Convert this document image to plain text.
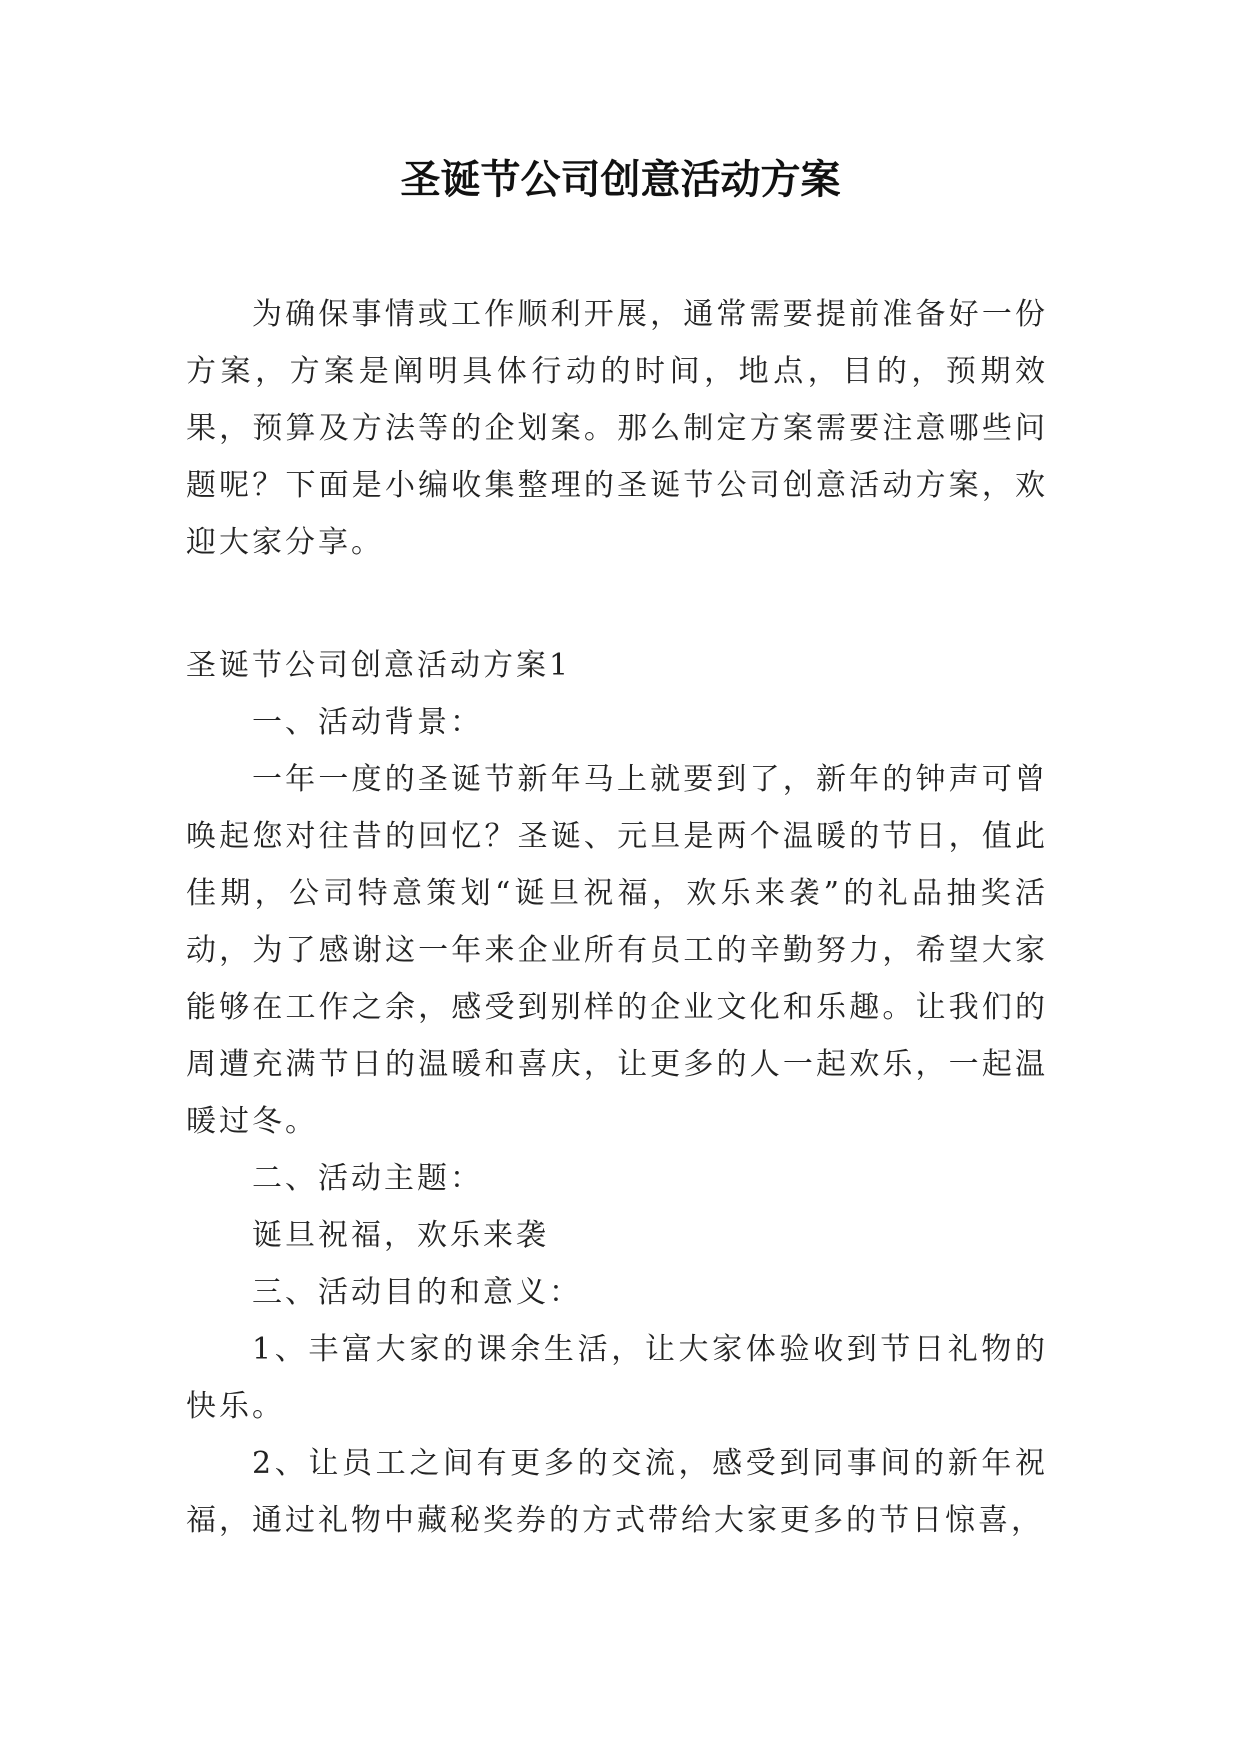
圣诞节公司创意活动方案

为确保事情或工作顺利开展，通常需要提前准备好一份方案，方案是阐明具体行动的时间，地点，目的，预期效果，预算及方法等的企划案。那么制定方案需要注意哪些问题呢？下面是小编收集整理的圣诞节公司创意活动方案，欢迎大家分享。

圣诞节公司创意活动方案1

一、活动背景：

一年一度的圣诞节新年马上就要到了，新年的钟声可曾唤起您对往昔的回忆？圣诞、元旦是两个温暖的节日，值此佳期，公司特意策划“诞旦祝福，欢乐来袭”的礼品抽奖活动，为了感谢这一年来企业所有员工的辛勤努力，希望大家能够在工作之余，感受到别样的企业文化和乐趣。让我们的周遭充满节日的温暖和喜庆，让更多的人一起欢乐，一起温暖过冬。

二、活动主题：

诞旦祝福，欢乐来袭

三、活动目的和意义：

1、丰富大家的课余生活，让大家体验收到节日礼物的快乐。

2、让员工之间有更多的交流，感受到同事间的新年祝福，通过礼物中藏秘奖券的方式带给大家更多的节日惊喜，
